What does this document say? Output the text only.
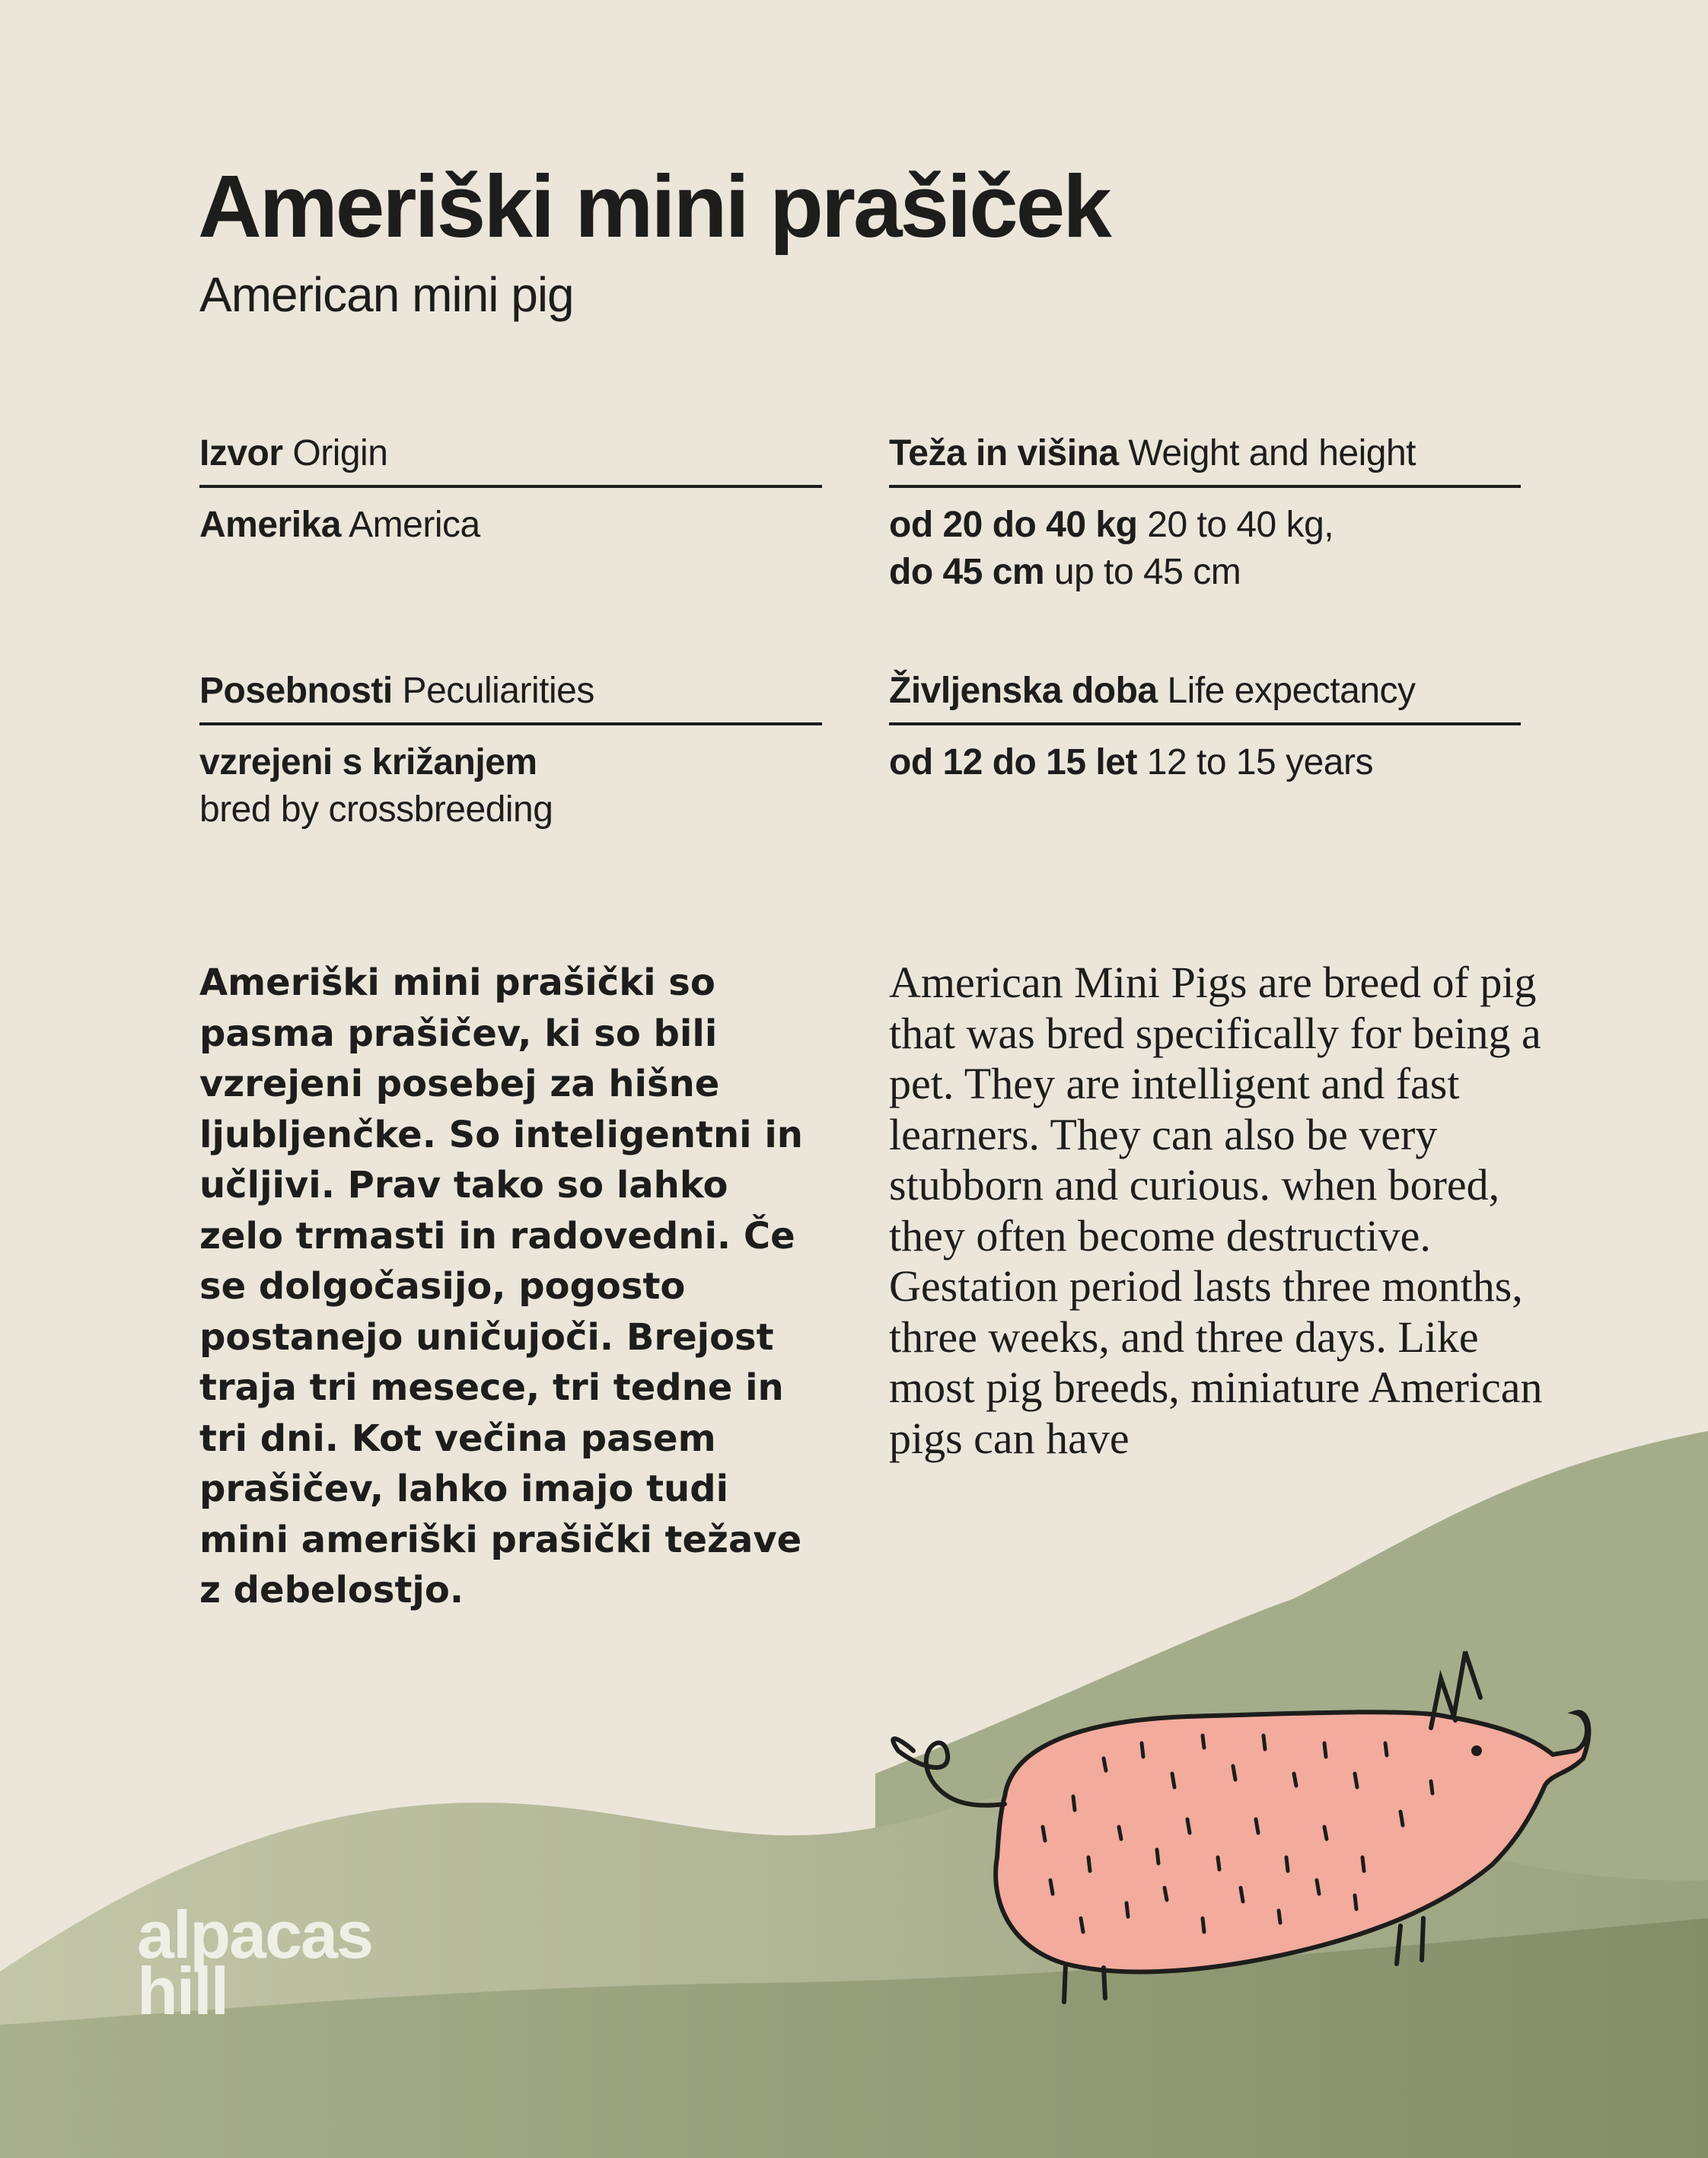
Ameriški mini prašiček
American mini pig
Izvor Origin
Amerika America
Teža in višina Weight and height
od 20 do 40 kg 20 to 40 kg,
do 45 cm up to 45 cm
Posebnosti Peculiarities
vzrejeni s križanjem
bred by crossbreeding
Življenska doba Life expectancy
od 12 do 15 let 12 to 15 years

Ameriški mini prašički so pasma prašičev, ki so bili vzrejeni posebej za hišne ljubljenčke. So inteligentni in učljivi. Prav tako so lahko zelo trmasti in radovedni. Če se dolgočasijo, pogosto postanejo uničujoči. Brejost traja tri mesece, tri tedne in tri dni. Kot večina pasem prašičev, lahko imajo tudi mini ameriški prašički težave z debelostjo.

American Mini Pigs are breed of pig that was bred specifically for being a pet. They are intelligent and fast learners. They can also be very stubborn and curious. when bored, they often become destructive. Gestation period lasts three months, three weeks, and three days. Like most pig breeds, miniature American pigs can have

alpacas
hill
